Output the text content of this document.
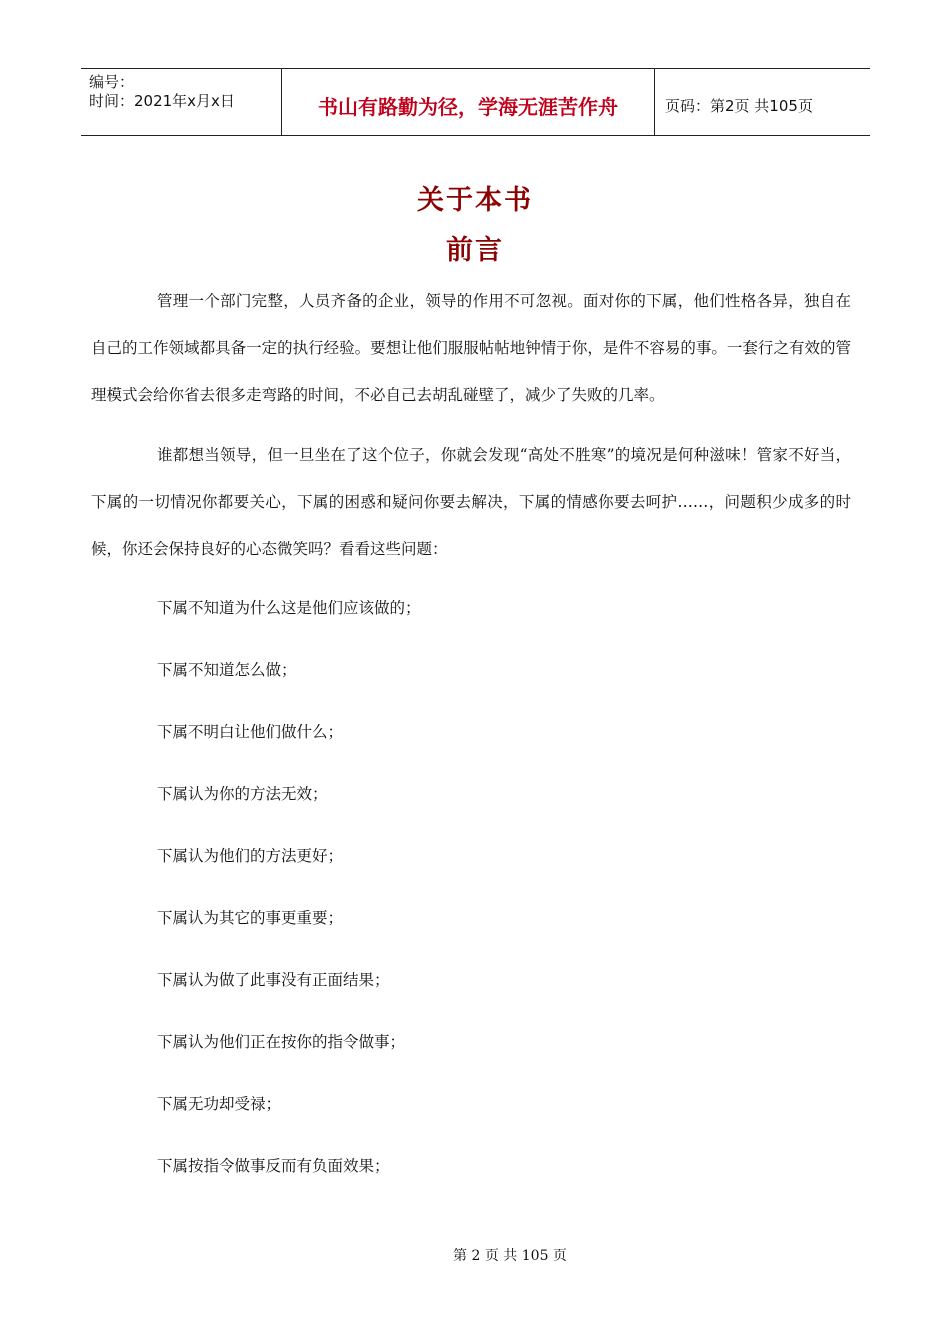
编号：
时间：2021年x月x日	书山有路勤为径，学海无涯苦作舟	页码：第2页 共105页
关于本书
前言

管理一个部门完整，人员齐备的企业，领导的作用不可忽视。面对你的下属，他们性格各异，独自在自己的工作领域都具备一定的执行经验。要想让他们服服帖帖地钟情于你，是件不容易的事。一套行之有效的管理模式会给你省去很多走弯路的时间，不必自己去胡乱碰壁了，减少了失败的几率。

谁都想当领导，但一旦坐在了这个位子，你就会发现“高处不胜寒”的境况是何种滋味！管家不好当，下属的一切情况你都要关心，下属的困惑和疑问你要去解决，下属的情感你要去呵护……，问题积少成多的时候，你还会保持良好的心态微笑吗？看看这些问题：

下属不知道为什么这是他们应该做的；
下属不知道怎么做；
下属不明白让他们做什么；
下属认为你的方法无效；
下属认为他们的方法更好；
下属认为其它的事更重要；
下属认为做了此事没有正面结果；
下属认为他们正在按你的指令做事；
下属无功却受禄；
下属按指令做事反而有负面效果；
第 2 页 共 105 页
